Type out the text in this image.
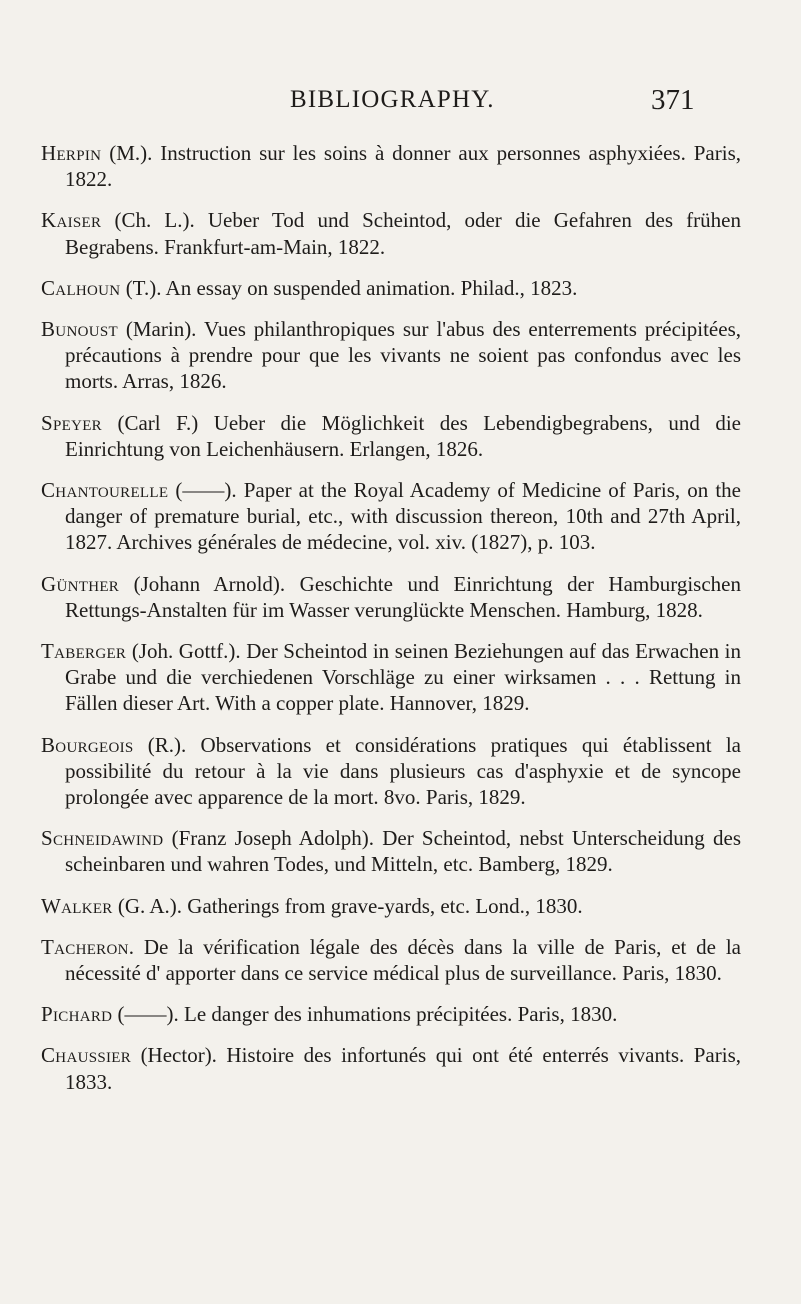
BIBLIOGRAPHY.	371

Herpin (M.). Instruction sur les soins à donner aux personnes asphyxiées. Paris, 1822.

Kaiser (Ch. L.). Ueber Tod und Scheintod, oder die Gefahren des frühen Begrabens. Frankfurt-am-Main, 1822.

Calhoun (T.). An essay on suspended animation. Philad., 1823.

Bunoust (Marin). Vues philanthropiques sur l'abus des enterrements précipitées, précautions à prendre pour que les vivants ne soient pas confondus avec les morts. Arras, 1826.

Speyer (Carl F.) Ueber die Möglichkeit des Lebendigbegrabens, und die Einrichtung von Leichenhäusern. Erlangen, 1826.

Chantourelle (——). Paper at the Royal Academy of Medicine of Paris, on the danger of premature burial, etc., with discussion thereon, 10th and 27th April, 1827. Archives générales de médecine, vol. xiv. (1827), p. 103.

Günther (Johann Arnold). Geschichte und Einrichtung der Hamburgischen Rettungs-Anstalten für im Wasser verunglückte Menschen. Hamburg, 1828.

Taberger (Joh. Gottf.). Der Scheintod in seinen Beziehungen auf das Erwachen in Grabe und die verchiedenen Vorschläge zu einer wirksamen . . . Rettung in Fällen dieser Art. With a copper plate. Hannover, 1829.

Bourgeois (R.). Observations et considérations pratiques qui établissent la possibilité du retour à la vie dans plusieurs cas d'asphyxie et de syncope prolongée avec apparence de la mort. 8vo. Paris, 1829.

Schneidawind (Franz Joseph Adolph). Der Scheintod, nebst Unterscheidung des scheinbaren und wahren Todes, und Mitteln, etc. Bamberg, 1829.

Walker (G. A.). Gatherings from grave-yards, etc. Lond., 1830.

Tacheron. De la vérification légale des décès dans la ville de Paris, et de la nécessité d' apporter dans ce service médical plus de surveillance. Paris, 1830.

Pichard (——). Le danger des inhumations précipitées. Paris, 1830.

Chaussier (Hector). Histoire des infortunés qui ont été enterrés vivants. Paris, 1833.
